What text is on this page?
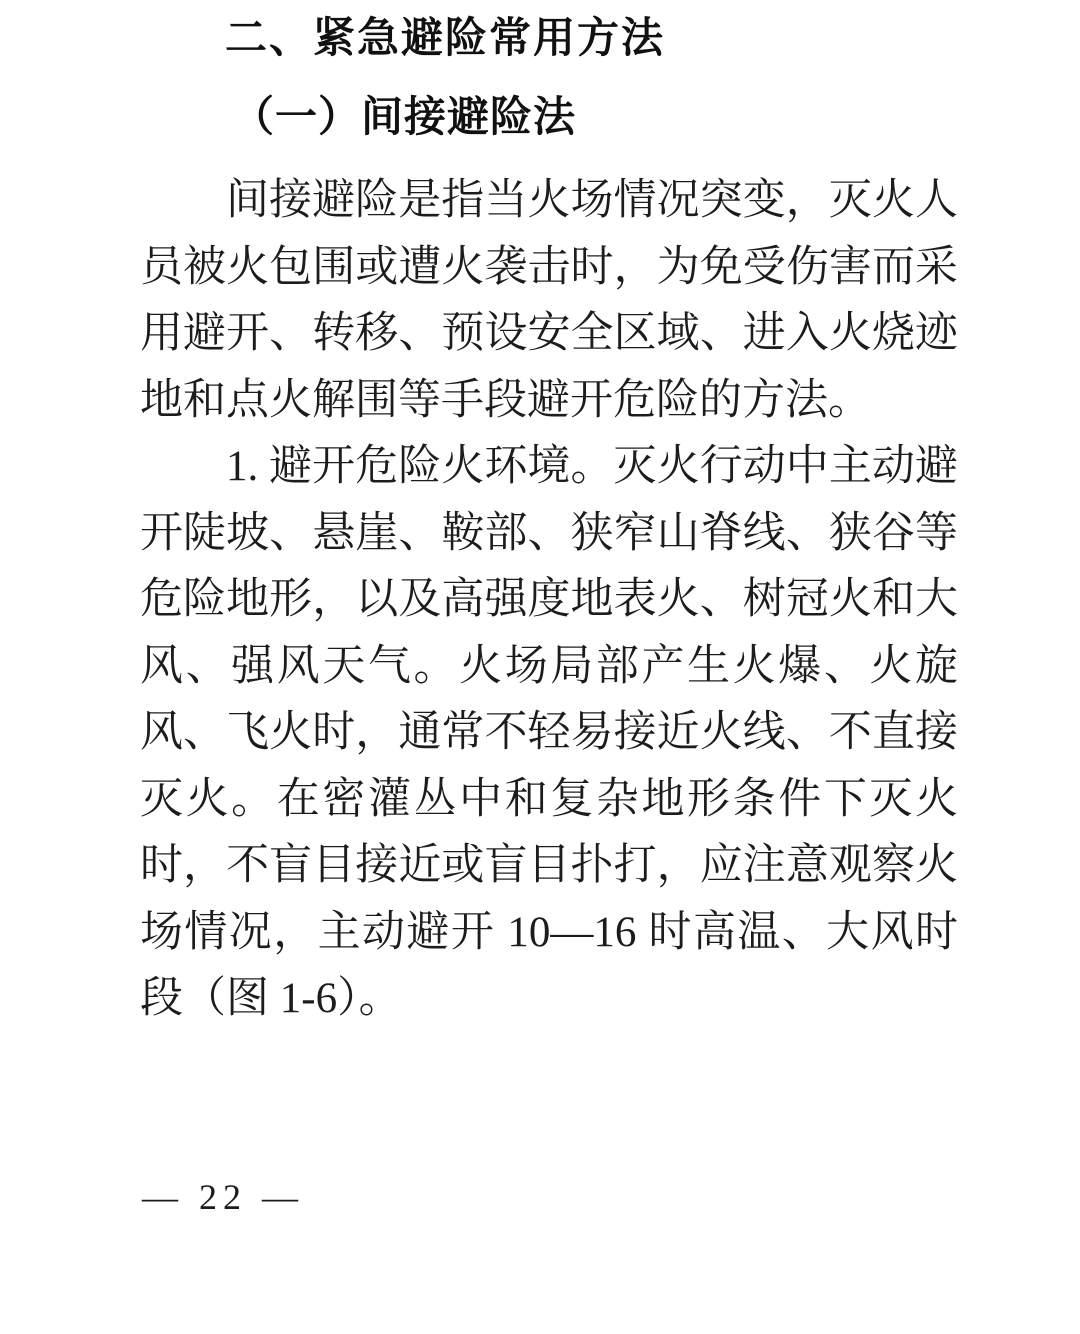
二、紧急避险常用方法
（一）间接避险法

间接避险是指当火场情况突变，灭火人员被火包围或遭火袭击时，为免受伤害而采用避开、转移、预设安全区域、进入火烧迹地和点火解围等手段避开危险的方法。

1. 避开危险火环境。灭火行动中主动避开陡坡、悬崖、鞍部、狭窄山脊线、狭谷等危险地形，以及高强度地表火、树冠火和大风、强风天气。火场局部产生火爆、火旋风、飞火时，通常不轻易接近火线、不直接灭火。在密灌丛中和复杂地形条件下灭火时，不盲目接近或盲目扑打，应注意观察火场情况，主动避开 10—16 时高温、大风时段（图 1-6）。

— 22 —
